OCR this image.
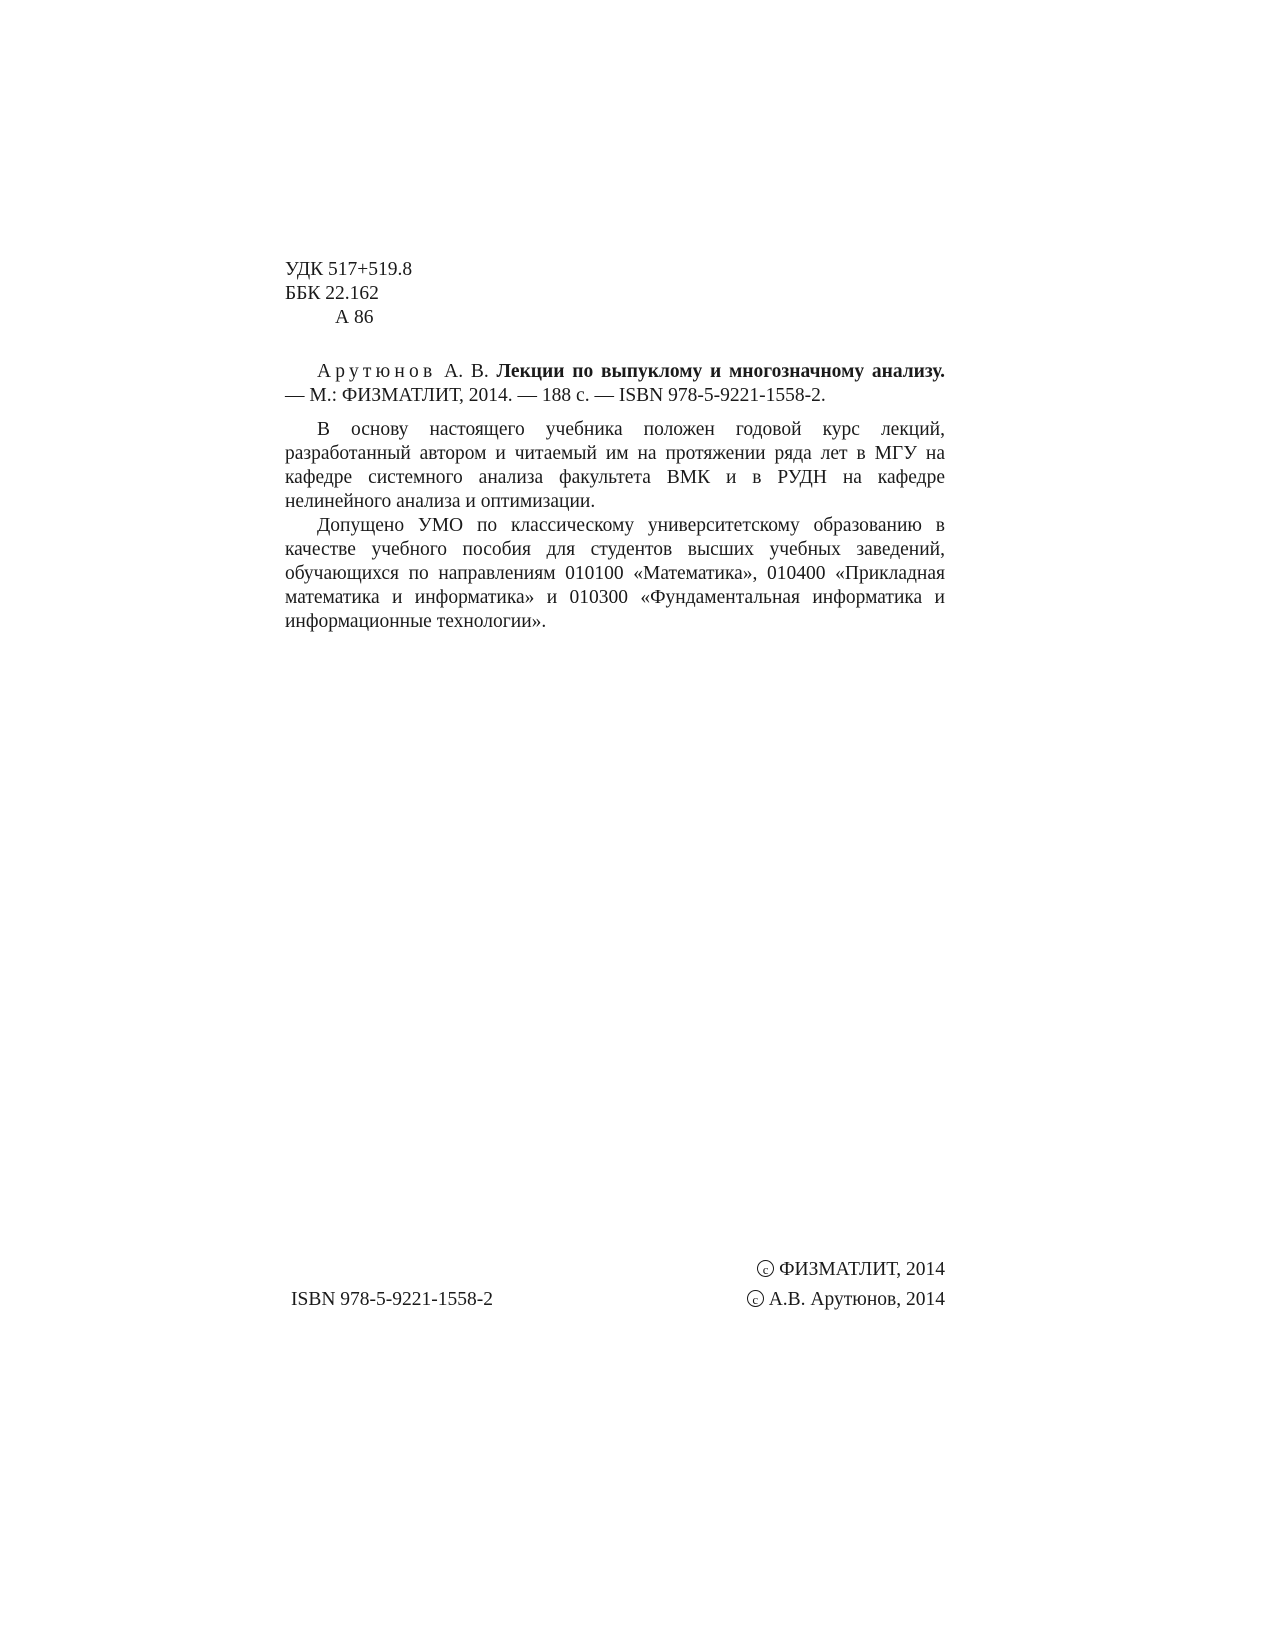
УДК 517+519.8
ББК 22.162
А 86

Арутюнов А. В. Лекции по выпуклому и многозначному анализу. — М.: ФИЗМАТЛИТ, 2014. — 188 с. — ISBN 978-5-9221-1558-2.

В основу настоящего учебника положен годовой курс лекций, разработанный автором и читаемый им на протяжении ряда лет в МГУ на кафедре системного анализа факультета ВМК и в РУДН на кафедре нелинейного анализа и оптимизации.

Допущено УМО по классическому университетскому образованию в качестве учебного пособия для студентов высших учебных заведений, обучающихся по направлениям 010100 «Математика», 010400 «Прикладная математика и информатика» и 010300 «Фундаментальная информатика и информационные технологии».

ISBN 978-5-9221-1558-2
c ФИЗМАТЛИТ, 2014
c А.В. Арутюнов, 2014
